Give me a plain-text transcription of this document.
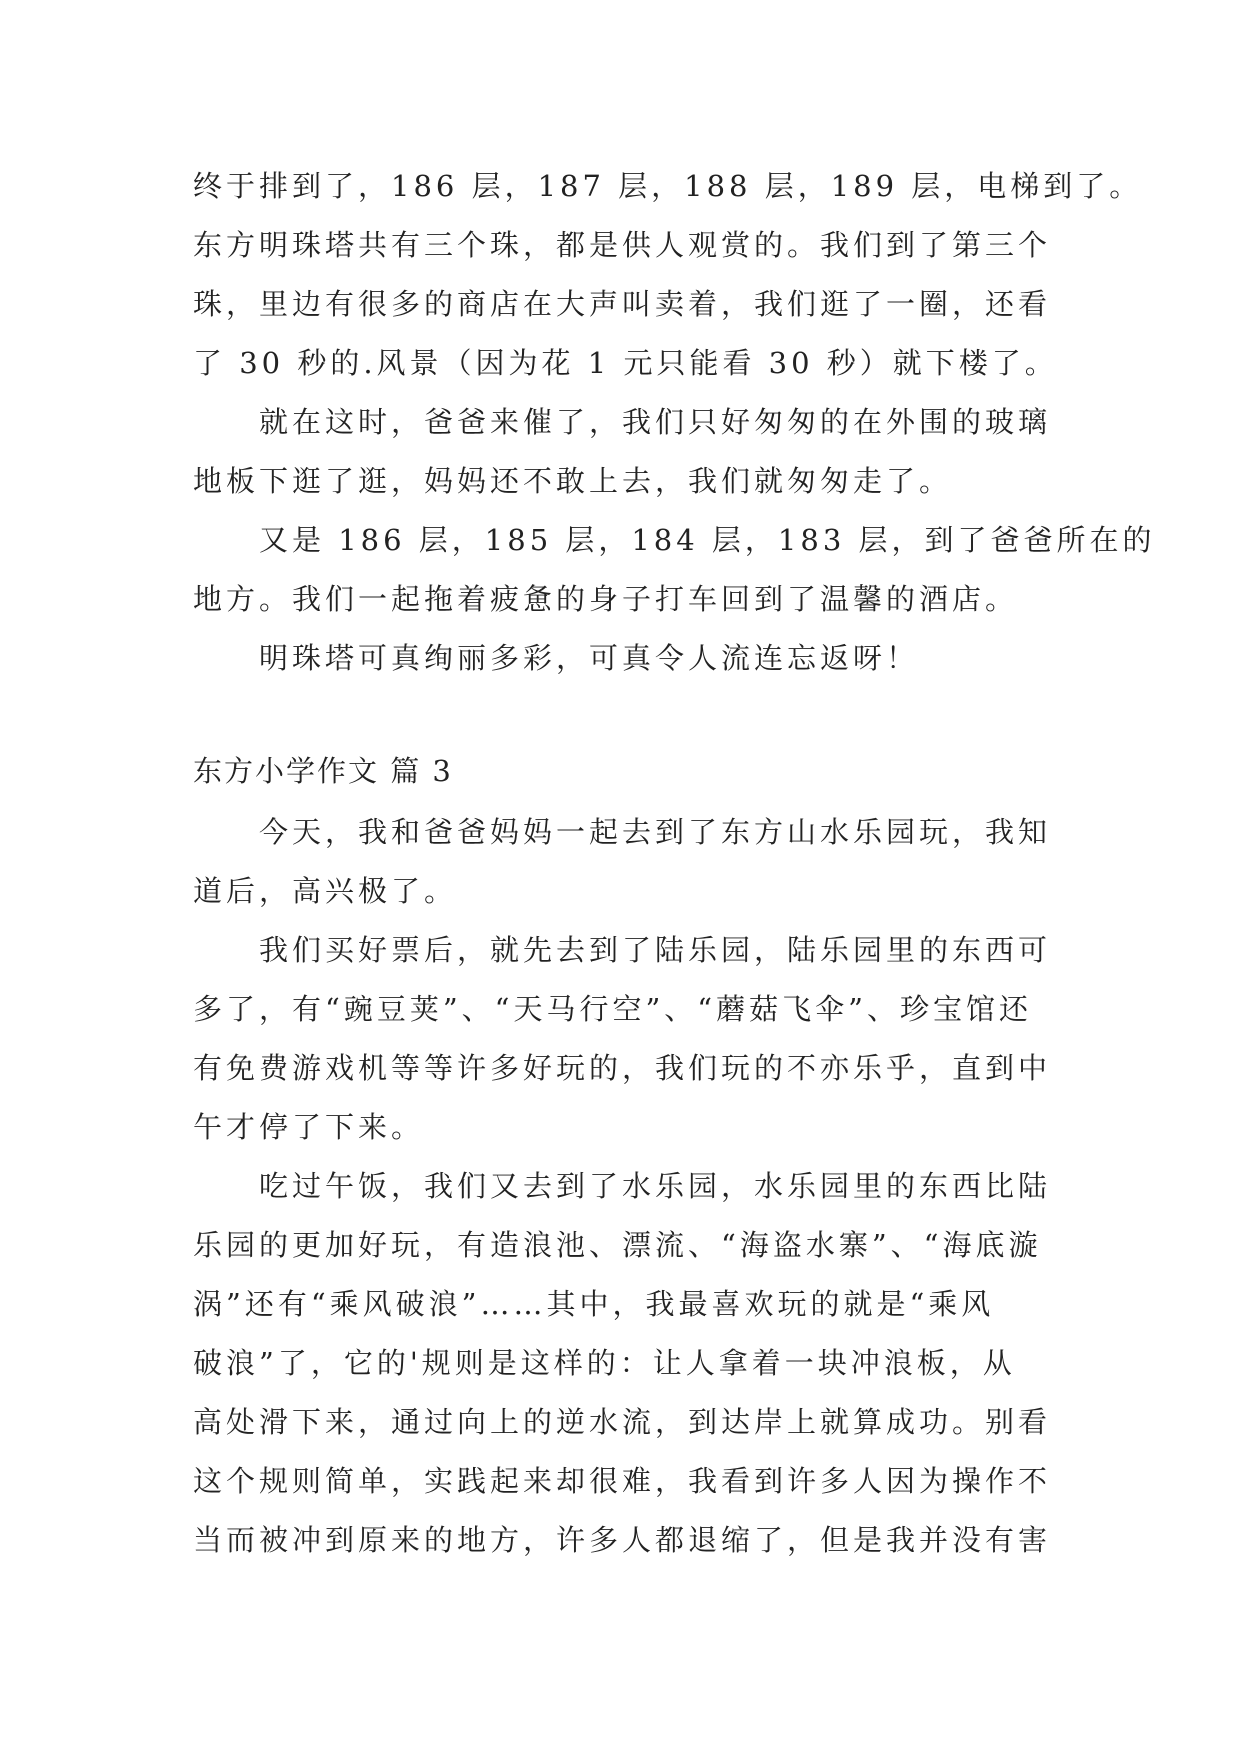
终于排到了，186 层，187 层，188 层，189 层，电梯到了。
东方明珠塔共有三个珠，都是供人观赏的。我们到了第三个
珠，里边有很多的商店在大声叫卖着，我们逛了一圈，还看
了 30 秒的.风景（因为花 1 元只能看 30 秒）就下楼了。
就在这时，爸爸来催了，我们只好匆匆的在外围的玻璃
地板下逛了逛，妈妈还不敢上去，我们就匆匆走了。
又是 186 层，185 层，184 层，183 层，到了爸爸所在的
地方。我们一起拖着疲惫的身子打车回到了温馨的酒店。
明珠塔可真绚丽多彩，可真令人流连忘返呀！
东方小学作文 篇 3
今天，我和爸爸妈妈一起去到了东方山水乐园玩，我知
道后，高兴极了。
我们买好票后，就先去到了陆乐园，陆乐园里的东西可
多了，有“豌豆荚”、“天马行空”、“蘑菇飞伞”、珍宝馆还
有免费游戏机等等许多好玩的，我们玩的不亦乐乎，直到中
午才停了下来。
吃过午饭，我们又去到了水乐园，水乐园里的东西比陆
乐园的更加好玩，有造浪池、漂流、“海盗水寨”、“海底漩
涡”还有“乘风破浪”……其中，我最喜欢玩的就是“乘风
破浪”了，它的'规则是这样的：让人拿着一块冲浪板，从
高处滑下来，通过向上的逆水流，到达岸上就算成功。别看
这个规则简单，实践起来却很难，我看到许多人因为操作不
当而被冲到原来的地方，许多人都退缩了，但是我并没有害
